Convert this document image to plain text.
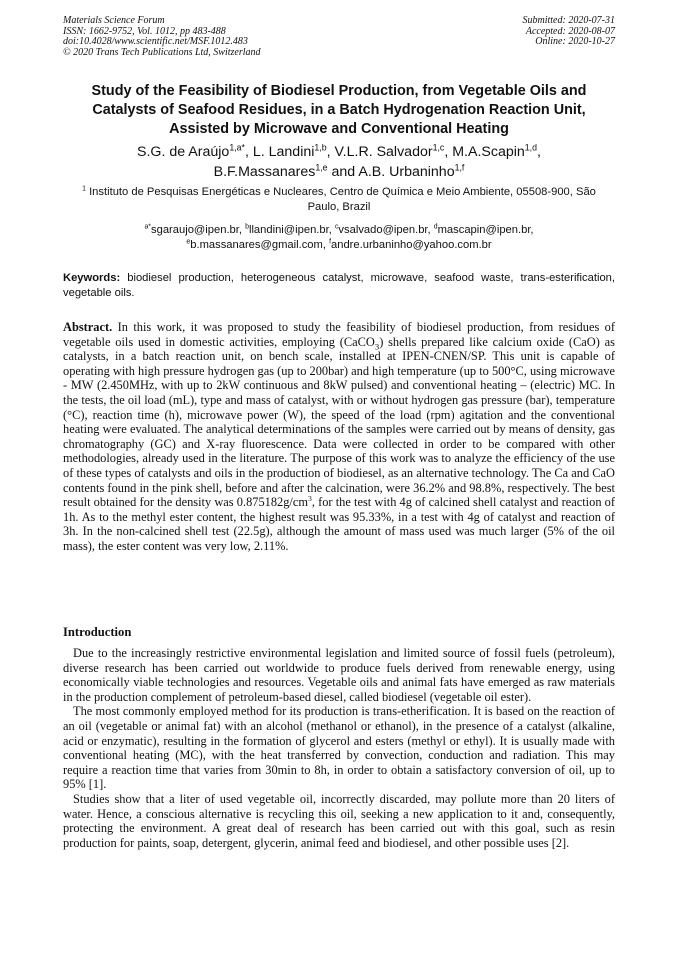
Materials Science Forum
ISSN: 1662-9752, Vol. 1012, pp 483-488
doi:10.4028/www.scientific.net/MSF.1012.483
© 2020 Trans Tech Publications Ltd, Switzerland
Submitted: 2020-07-31
Accepted: 2020-08-07
Online: 2020-10-27
Study of the Feasibility of Biodiesel Production, from Vegetable Oils and Catalysts of Seafood Residues, in a Batch Hydrogenation Reaction Unit, Assisted by Microwave and Conventional Heating
S.G. de Araújo$^{1,a*}$, L. Landini$^{1,b}$, V.L.R. Salvador$^{1,c}$, M.A.Scapin$^{1,d}$,
B.F.Massanares$^{1,e}$ and A.B. Urbaninho$^{1,f}$
$^1$ Instituto de Pesquisas Energéticas e Nucleares, Centro de Química e Meio Ambiente, 05508-900, São Paulo, Brazil
$^{a*}$sgaraujo@ipen.br, $^b$llandini@ipen.br, $^c$vsalvado@ipen.br, $^d$mascapin@ipen.br,
$^e$b.massanares@gmail.com, $^f$andre.urbaninho@yahoo.com.br
Keywords: biodiesel production, heterogeneous catalyst, microwave, seafood waste, trans-esterification, vegetable oils.
Abstract. In this work, it was proposed to study the feasibility of biodiesel production, from residues of vegetable oils used in domestic activities, employing (CaCO$_3$) shells prepared like calcium oxide (CaO) as catalysts, in a batch reaction unit, on bench scale, installed at IPEN-CNEN/SP. This unit is capable of operating with high pressure hydrogen gas (up to 200bar) and high temperature (up to 500°C, using microwave - MW (2.450MHz, with up to 2kW continuous and 8kW pulsed) and conventional heating – (electric) MC. In the tests, the oil load (mL), type and mass of catalyst, with or without hydrogen gas pressure (bar), temperature (°C), reaction time (h), microwave power (W), the speed of the load (rpm) agitation and the conventional heating were evaluated. The analytical determinations of the samples were carried out by means of density, gas chromatography (GC) and X-ray fluorescence. Data were collected in order to be compared with other methodologies, already used in the literature. The purpose of this work was to analyze the efficiency of the use of these types of catalysts and oils in the production of biodiesel, as an alternative technology. The Ca and CaO contents found in the pink shell, before and after the calcination, were 36.2% and 98.8%, respectively. The best result obtained for the density was $0.875182g/cm^3$, for the test with 4g of calcined shell catalyst and reaction of 1h. As to the methyl ester content, the highest result was 95.33%, in a test with 4g of catalyst and reaction of 3h. In the non-calcined shell test (22.5g), although the amount of mass used was much larger (5% of the oil mass), the ester content was very low, 2.11%.
Introduction

Due to the increasingly restrictive environmental legislation and limited source of fossil fuels (petroleum), diverse research has been carried out worldwide to produce fuels derived from renewable energy, using economically viable technologies and resources. Vegetable oils and animal fats have emerged as raw materials in the production complement of petroleum-based diesel, called biodiesel (vegetable oil ester).

The most commonly employed method for its production is trans-etherification. It is based on the reaction of an oil (vegetable or animal fat) with an alcohol (methanol or ethanol), in the presence of a catalyst (alkaline, acid or enzymatic), resulting in the formation of glycerol and esters (methyl or ethyl). It is usually made with conventional heating (MC), with the heat transferred by convection, conduction and radiation. This may require a reaction time that varies from 30min to 8h, in order to obtain a satisfactory conversion of oil, up to 95% [1].

Studies show that a liter of used vegetable oil, incorrectly discarded, may pollute more than 20 liters of water. Hence, a conscious alternative is recycling this oil, seeking a new application to it and, consequently, protecting the environment. A great deal of research has been carried out with this goal, such as resin production for paints, soap, detergent, glycerin, animal feed and biodiesel, and other possible uses [2].
